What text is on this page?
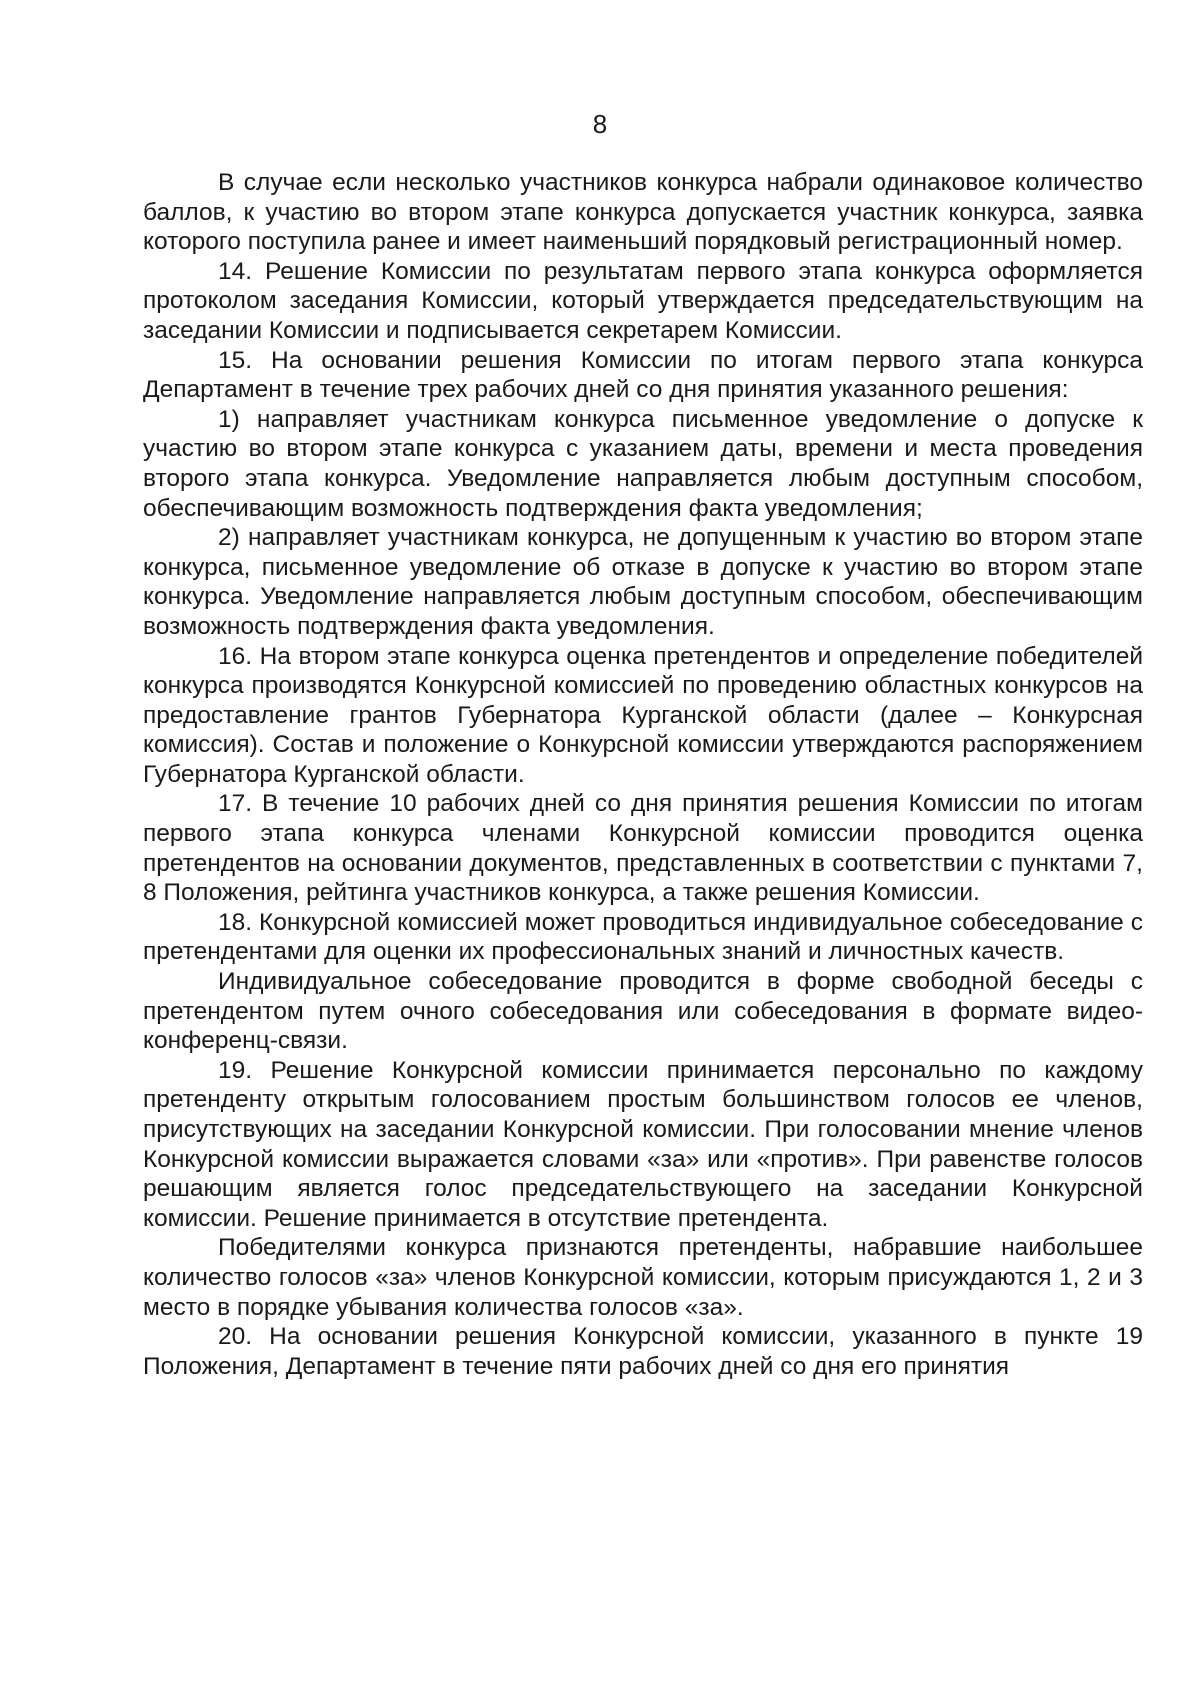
8

В случае если несколько участников конкурса набрали одинаковое количество баллов, к участию во втором этапе конкурса допускается участник конкурса, заявка которого поступила ранее и имеет наименьший порядковый регистрационный номер.

14. Решение Комиссии по результатам первого этапа конкурса оформляется протоколом заседания Комиссии, который утверждается председательствующим на заседании Комиссии и подписывается секретарем Комиссии.

15. На основании решения Комиссии по итогам первого этапа конкурса Департамент в течение трех рабочих дней со дня принятия указанного решения:

1) направляет участникам конкурса письменное уведомление о допуске к участию во втором этапе конкурса с указанием даты, времени и места проведения второго этапа конкурса. Уведомление направляется любым доступным способом, обеспечивающим возможность подтверждения факта уведомления;

2) направляет участникам конкурса, не допущенным к участию во втором этапе конкурса, письменное уведомление об отказе в допуске к участию во втором этапе конкурса. Уведомление направляется любым доступным способом, обеспечивающим возможность подтверждения факта уведомления.

16. На втором этапе конкурса оценка претендентов и определение победителей конкурса производятся Конкурсной комиссией по проведению областных конкурсов на предоставление грантов Губернатора Курганской области (далее – Конкурсная комиссия). Состав и положение о Конкурсной комиссии утверждаются распоряжением Губернатора Курганской области.

17. В течение 10 рабочих дней со дня принятия решения Комиссии по итогам первого этапа конкурса членами Конкурсной комиссии проводится оценка претендентов на основании документов, представленных в соответствии с пунктами 7, 8 Положения, рейтинга участников конкурса, а также решения Комиссии.

18. Конкурсной комиссией может проводиться индивидуальное собеседование с претендентами для оценки их профессиональных знаний и личностных качеств.

Индивидуальное собеседование проводится в форме свободной беседы с претендентом путем очного собеседования или собеседования в формате видео-конференц-связи.

19. Решение Конкурсной комиссии принимается персонально по каждому претенденту открытым голосованием простым большинством голосов ее членов, присутствующих на заседании Конкурсной комиссии. При голосовании мнение членов Конкурсной комиссии выражается словами «за» или «против». При равенстве голосов решающим является голос председательствующего на заседании Конкурсной комиссии. Решение принимается в отсутствие претендента.

Победителями конкурса признаются претенденты, набравшие наибольшее количество голосов «за» членов Конкурсной комиссии, которым присуждаются 1, 2 и 3 место в порядке убывания количества голосов «за».

20. На основании решения Конкурсной комиссии, указанного в пункте 19 Положения, Департамент в течение пяти рабочих дней со дня его принятия
